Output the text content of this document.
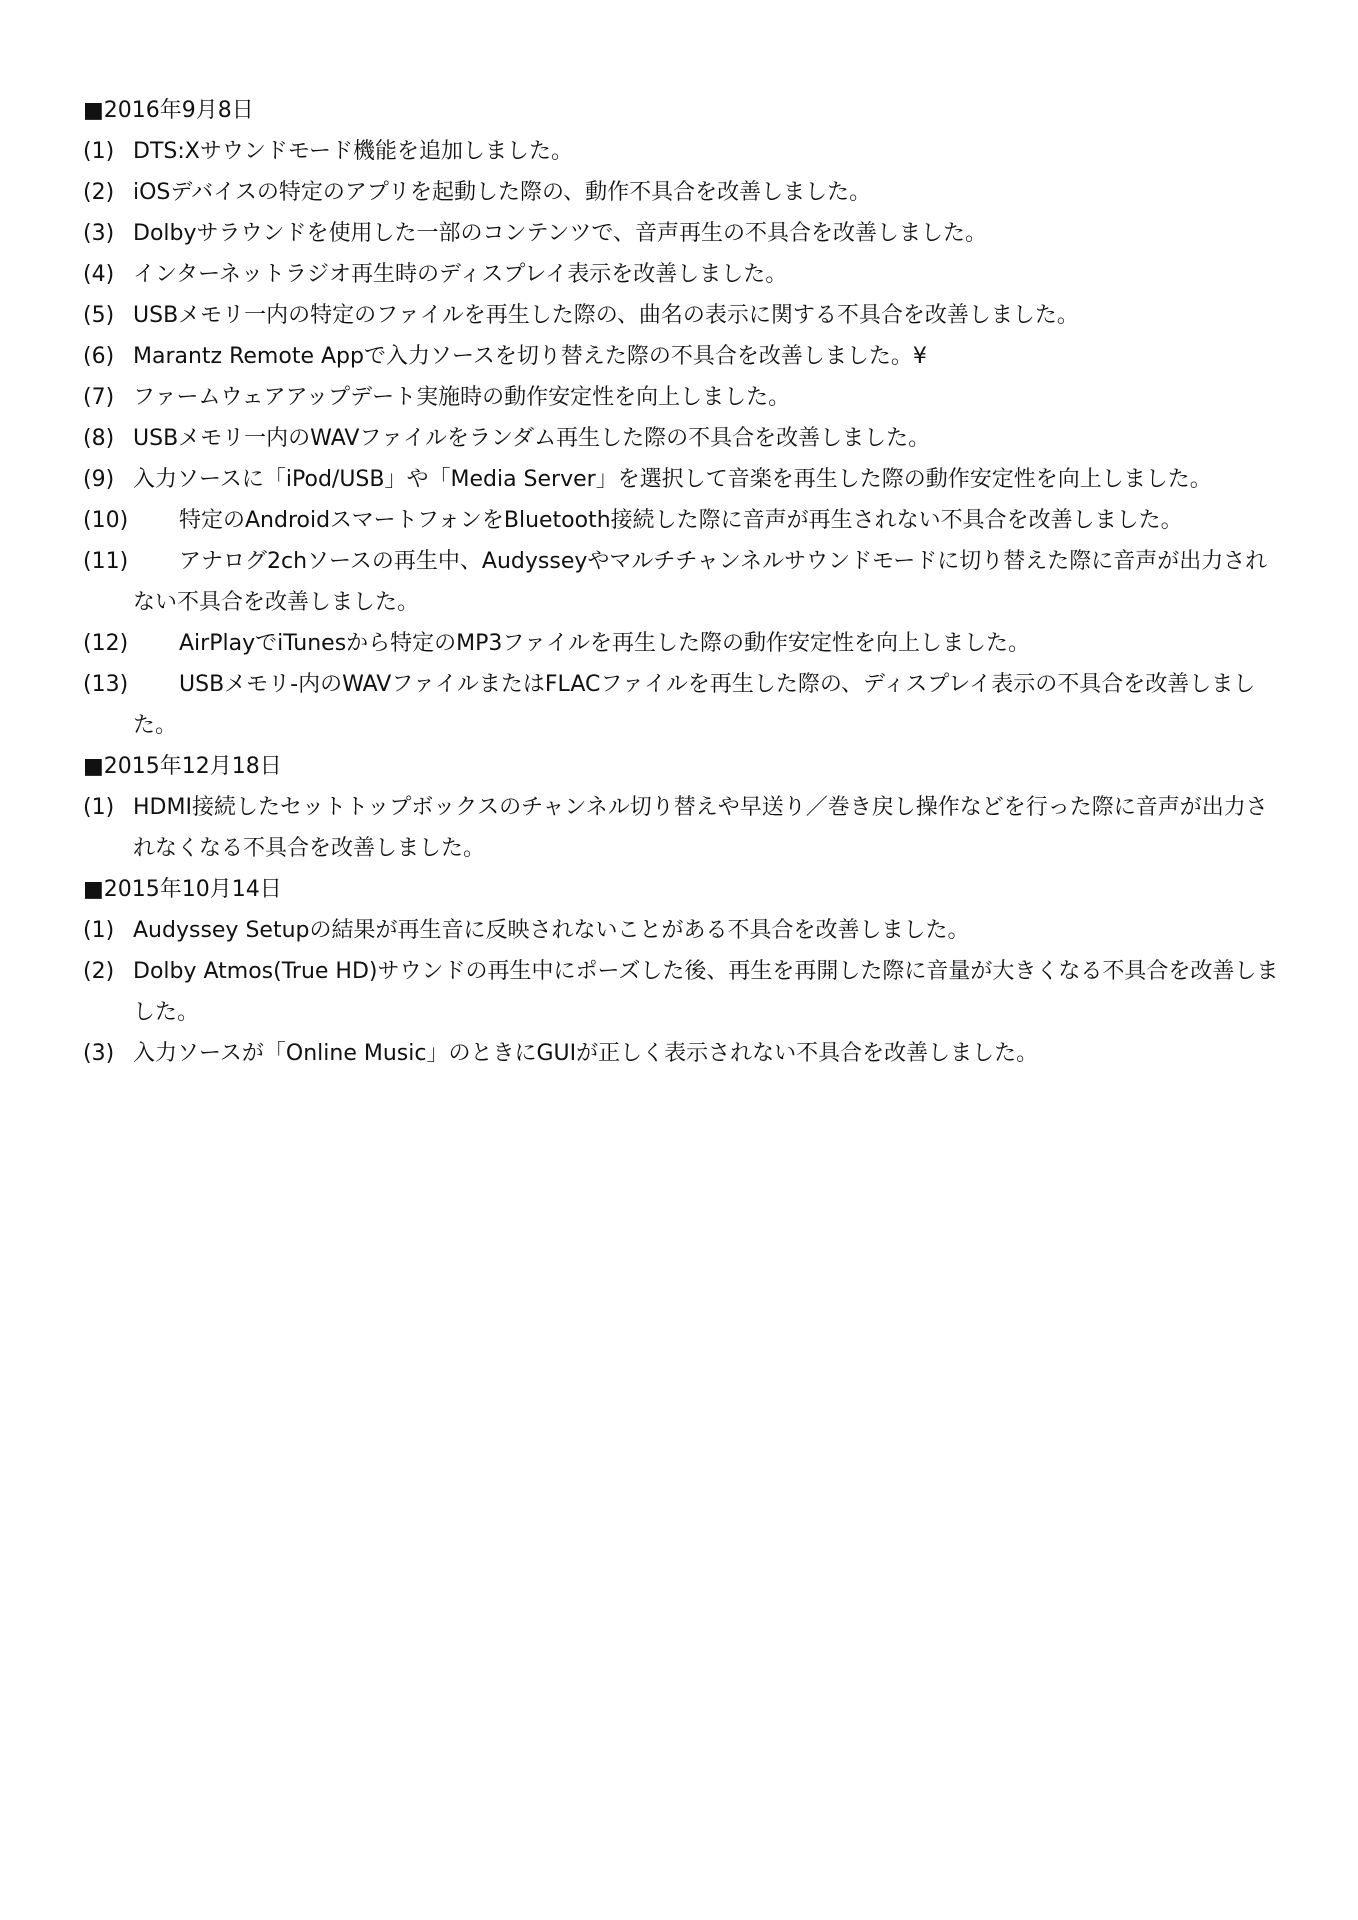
■2016年9月8日
(1) DTS:Xサウンドモード機能を追加しました。
(2) iOSデバイスの特定のアプリを起動した際の、動作不具合を改善しました。
(3) Dolbyサラウンドを使用した一部のコンテンツで、音声再生の不具合を改善しました。
(4) インターネットラジオ再生時のディスプレイ表示を改善しました。
(5) USBメモリ一内の特定のファイルを再生した際の、曲名の表示に関する不具合を改善しました。
(6) Marantz Remote Appで入力ソースを切り替えた際の不具合を改善しました。¥
(7) ファームウェアアップデート実施時の動作安定性を向上しました。
(8) USBメモリ一内のWAVファイルをランダム再生した際の不具合を改善しました。
(9) 入力ソースに「iPod/USB」や「Media Server」を選択して音楽を再生した際の動作安定性を向上しました。
(10) 特定のAndroidスマートフォンをBluetooth接続した際に音声が再生されない不具合を改善しました。
(11) アナログ2chソースの再生中、Audysseyやマルチチャンネルサウンドモードに切り替えた際に音声が出力されない不具合を改善しました。
(12) AirPlayでiTunesから特定のMP3ファイルを再生した際の動作安定性を向上しました。
(13) USBメモリ-内のWAVファイルまたはFLACファイルを再生した際の、ディスプレイ表示の不具合を改善しました。
■2015年12月18日
(1) HDMI接続したセットトップボックスのチャンネル切り替えや早送り／巻き戻し操作などを行った際に音声が出力されなくなる不具合を改善しました。
■2015年10月14日
(1) Audyssey Setupの結果が再生音に反映されないことがある不具合を改善しました。
(2) Dolby Atmos(True HD)サウンドの再生中にポーズした後、再生を再開した際に音量が大きくなる不具合を改善しました。
(3) 入力ソースが「Online Music」のときにGUIが正しく表示されない不具合を改善しました。
